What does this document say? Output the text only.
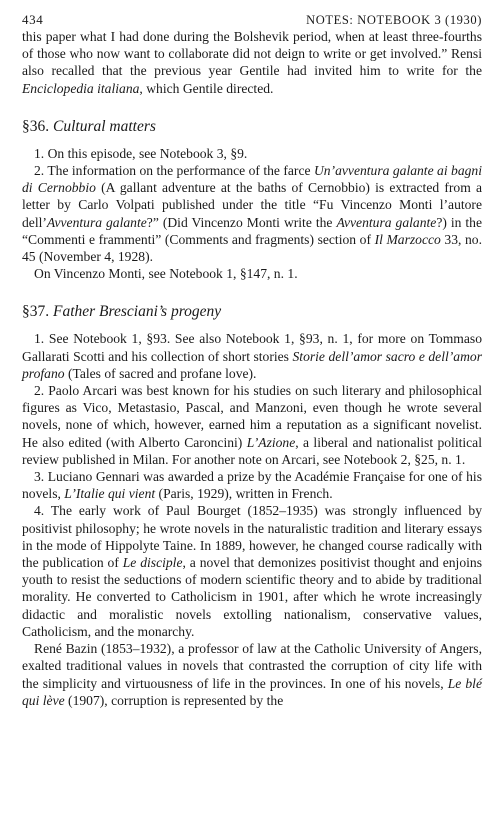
434	NOTES: NOTEBOOK 3 (1930)

this paper what I had done during the Bolshevik period, when at least three-fourths of those who now want to collaborate did not deign to write or get involved.” Rensi also recalled that the previous year Gentile had invited him to write for the Enciclopedia italiana, which Gentile directed.

§36. Cultural matters

1. On this episode, see Notebook 3, §9.

2. The information on the performance of the farce Un’avventura galante ai bagni di Cernobbio (A gallant adventure at the baths of Cernobbio) is extracted from a letter by Carlo Volpati published under the title “Fu Vincenzo Monti l’autore dell’Avventura galante?” (Did Vincenzo Monti write the Avventura galante?) in the “Commenti e frammenti” (Comments and fragments) section of Il Marzocco 33, no. 45 (November 4, 1928).

On Vincenzo Monti, see Notebook 1, §147, n. 1.

§37. Father Bresciani’s progeny

1. See Notebook 1, §93. See also Notebook 1, §93, n. 1, for more on Tommaso Gallarati Scotti and his collection of short stories Storie dell’amor sacro e dell’amor profano (Tales of sacred and profane love).

2. Paolo Arcari was best known for his studies on such literary and philosophical figures as Vico, Metastasio, Pascal, and Manzoni, even though he wrote several novels, none of which, however, earned him a reputation as a significant novelist. He also edited (with Alberto Caroncini) L’Azione, a liberal and nationalist political review published in Milan. For another note on Arcari, see Notebook 2, §25, n. 1.

3. Luciano Gennari was awarded a prize by the Académie Française for one of his novels, L’Italie qui vient (Paris, 1929), written in French.

4. The early work of Paul Bourget (1852–1935) was strongly influenced by positivist philosophy; he wrote novels in the naturalistic tradition and literary essays in the mode of Hippolyte Taine. In 1889, however, he changed course radically with the publication of Le disciple, a novel that demonizes positivist thought and enjoins youth to resist the seductions of modern scientific theory and to abide by traditional morality. He converted to Catholicism in 1901, after which he wrote increasingly didactic and moralistic novels extolling nationalism, conservative values, Catholicism, and the monarchy.

René Bazin (1853–1932), a professor of law at the Catholic University of Angers, exalted traditional values in novels that contrasted the corruption of city life with the simplicity and virtuousness of life in the provinces. In one of his novels, Le blé qui lève (1907), corruption is represented by the
